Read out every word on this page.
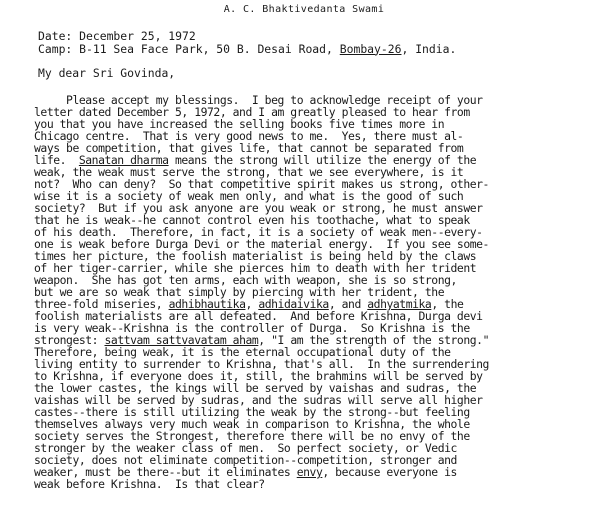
A. C. Bhaktivedanta Swami
Date: December 25, 1972
Camp: B-11 Sea Face Park, 50 B. Desai Road, Bombay-26, India.
My dear Sri Govinda,
Please accept my blessings.  I beg to acknowledge receipt of your
letter dated December 5, 1972, and I am greatly pleased to hear from
you that you have increased the selling books five times more in
Chicago centre.  That is very good news to me.  Yes, there must al-
ways be competition, that gives life, that cannot be separated from
life.  Sanatan dharma means the strong will utilize the energy of the
weak, the weak must serve the strong, that we see everywhere, is it
not?  Who can deny?  So that competitive spirit makes us strong, other-
wise it is a society of weak men only, and what is the good of such
society?  But if you ask anyone are you weak or strong, he must answer
that he is weak--he cannot control even his toothache, what to speak
of his death.  Therefore, in fact, it is a society of weak men--every-
one is weak before Durga Devi or the material energy.  If you see some-
times her picture, the foolish materialist is being held by the claws
of her tiger-carrier, while she pierces him to death with her trident
weapon.  She has got ten arms, each with weapon, she is so strong,
but we are so weak that simply by piercing with her trident, the
three-fold miseries, adhibhautika, adhidaivika, and adhyatmika, the
foolish materialists are all defeated.  And before Krishna, Durga devi
is very weak--Krishna is the controller of Durga.  So Krishna is the
strongest: sattvam sattvavatam aham, "I am the strength of the strong."
Therefore, being weak, it is the eternal occupational duty of the
living entity to surrender to Krishna, that's all.  In the surrendering
to Krishna, if everyone does it, still, the brahmins will be served by
the lower castes, the kings will be served by vaishas and sudras, the
vaishas will be served by sudras, and the sudras will serve all higher
castes--there is still utilizing the weak by the strong--but feeling
themselves always very much weak in comparison to Krishna, the whole
society serves the Strongest, therefore there will be no envy of the
stronger by the weaker class of men.  So perfect society, or Vedic
society, does not eliminate competition--competition, stronger and
weaker, must be there--but it eliminates envy, because everyone is
weak before Krishna.  Is that clear?
